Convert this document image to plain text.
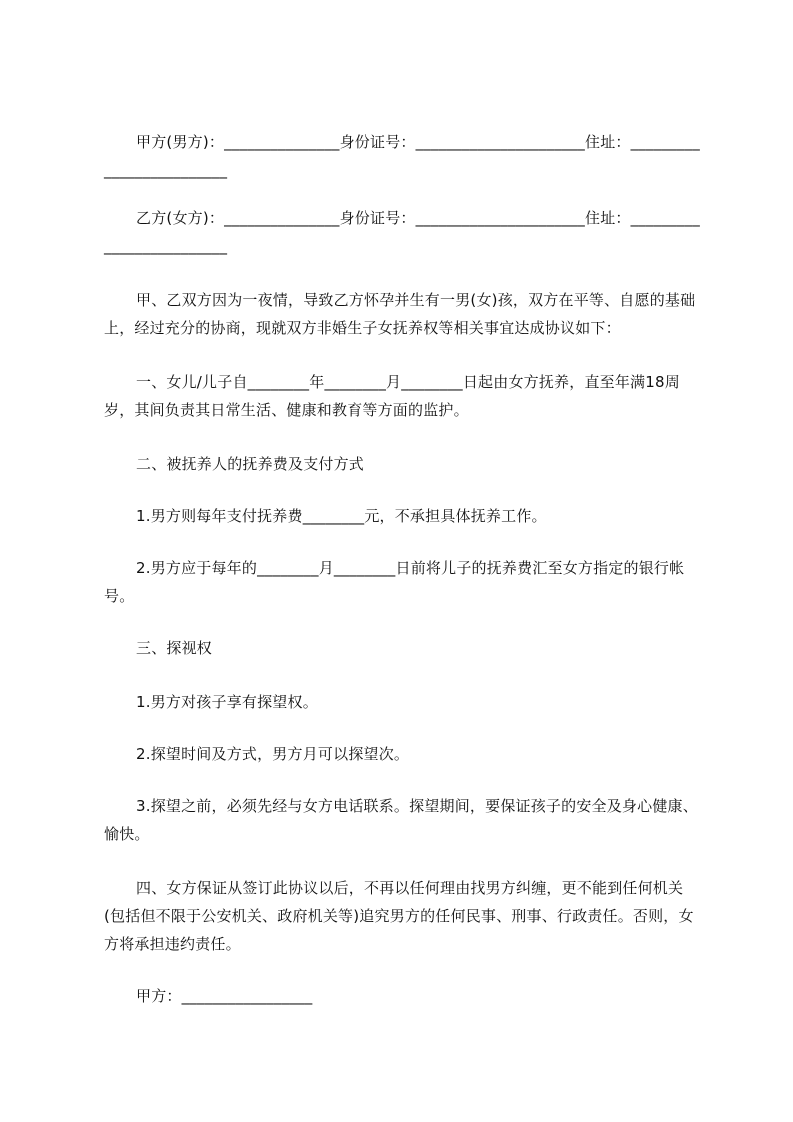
甲方(男方)：_______________身份证号：______________________住址：_________________________
乙方(女方)：_______________身份证号：______________________住址：_________________________
甲、乙双方因为一夜情，导致乙方怀孕并生有一男(女)孩，双方在平等、自愿的基础上，经过充分的协商，现就双方非婚生子女抚养权等相关事宜达成协议如下：
一、女儿/儿子自________年________月________日起由女方抚养，直至年满18周岁，其间负责其日常生活、健康和教育等方面的监护。
二、被抚养人的抚养费及支付方式
1.男方则每年支付抚养费________元，不承担具体抚养工作。
2.男方应于每年的________月________日前将儿子的抚养费汇至女方指定的银行帐号。
三、探视权
1.男方对孩子享有探望权。
2.探望时间及方式，男方月可以探望次。
3.探望之前，必须先经与女方电话联系。探望期间，要保证孩子的安全及身心健康、愉快。
四、女方保证从签订此协议以后，不再以任何理由找男方纠缠，更不能到任何机关(包括但不限于公安机关、政府机关等)追究男方的任何民事、刑事、行政责任。否则，女方将承担违约责任。
甲方：_________________
